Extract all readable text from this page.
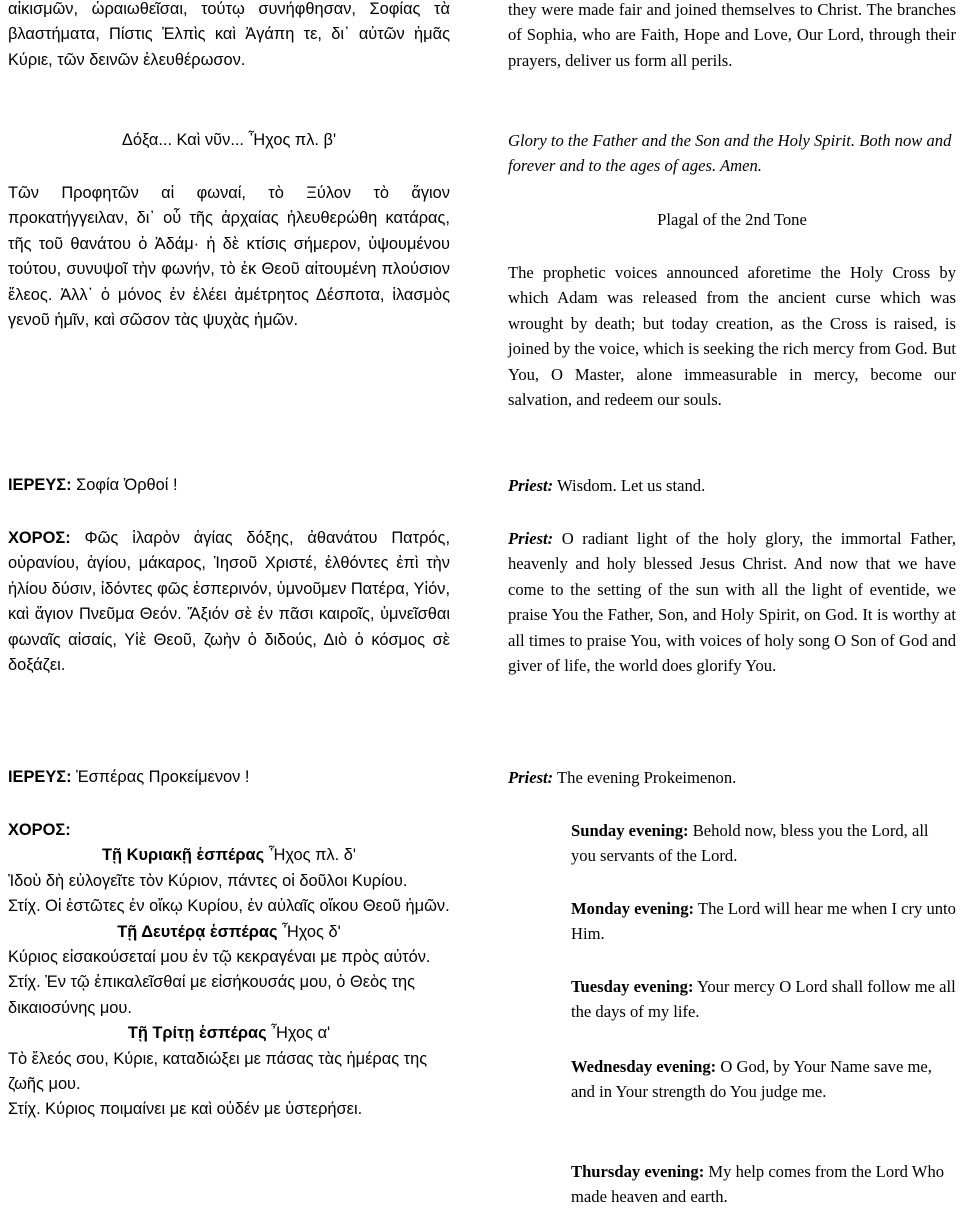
αἰκισμῶν, ὡραιωθεῖσαι, τούτῳ συνήφθησαν, Σοφίας τὰ βλαστήματα, Πίστις Ἐλπὶς καὶ Ἀγάπη τε, δι᾽ αὐτῶν ἡμᾶς Κύριε, τῶν δεινῶν ἐλευθέρωσον.
Δόξα... Καὶ νῦν... Ἦχος πλ. β'
Τῶν Προφητῶν αἱ φωναί, τὸ Ξύλον τὸ ἅγιον προκατήγγειλαν, δι᾽ οὗ τῆς ἀρχαίας ἠλευθερώθη κατάρας, τῆς τοῦ θανάτου ὁ Ἀδάμ· ἡ δὲ κτίσις σήμερον, ὑψουμένου τούτου, συνυψοῖ τὴν φωνήν, τὸ ἐκ Θεοῦ αἰτουμένη πλούσιον ἔλεος. Ἀλλ᾽ ὁ μόνος ἐν ἐλέει ἀμέτρητος Δέσποτα, ἱλασμὸς γενοῦ ἡμῖν, καὶ σῶσον τὰς ψυχὰς ἡμῶν.
ΙΕΡΕΥΣ: Σοφία Ὀρθοί !
ΧΟΡΟΣ: Φῶς ἱλαρὸν ἁγίας δόξης, ἀθανάτου Πατρός, οὐρανίου, ἁγίου, μάκαρος, Ἰησοῦ Χριστέ, ἐλθόντες ἐπὶ τὴν ἡλίου δύσιν, ἰδόντες φῶς ἑσπερινόν, ὑμνοῦμεν Πατέρα, Υἱόν, καὶ ἅγιον Πνεῦμα Θεόν. Ἄξιόν σὲ ἐν πᾶσι καιροῖς, ὑμνεῖσθαι φωναῖς αἰσαίς, Υἱὲ Θεοῦ, ζωὴν ὁ διδούς, Διὸ ὁ κόσμος σὲ δοξάζει.
ΙΕΡΕΥΣ: Ἑσπέρας Προκείμενον !
ΧΟΡΟΣ:

Τῇ Κυριακῇ ἑσπέρας Ἦχος πλ. δ'

Ἰδοὺ δὴ εὐλογεῖτε τὸν Κύριον, πάντες οἱ δοῦλοι Κυρίου.

Στίχ. Οἱ ἑστῶτες ἐν οἴκῳ Κυρίου, ἐν αὐλαῖς οἴκου Θεοῦ ἡμῶν.

Τῇ Δευτέρᾳ ἑσπέρας Ἦχος δ'

Κύριος εἰσακούσεταί μου ἐν τῷ κεκραγέναι με πρὸς αὐτόν.

Στίχ. Ἐν τῷ ἐπικαλεῖσθαί με εἰσήκουσάς μου, ὁ Θεὸς της δικαιοσύνης μου.

Τῇ Τρίτῃ ἑσπέρας Ἦχος α'

Τὸ ἔλεός σου, Κύριε, καταδιώξει με πάσας τὰς ἡμέρας της ζωῆς μου.

Στίχ. Κύριος ποιμαίνει με καὶ οὐδέν με ὑστερήσει.

they were made fair and joined themselves to Christ. The branches of Sophia, who are Faith, Hope and Love, Our Lord, through their prayers, deliver us form all perils.
Glory to the Father and the Son and the Holy Spirit. Both now and forever and to the ages of ages. Amen.
Plagal of the 2nd Tone
The prophetic voices announced aforetime the Holy Cross by which Adam was released from the ancient curse which was wrought by death; but today creation, as the Cross is raised, is joined by the voice, which is seeking the rich mercy from God. But You, O Master, alone immeasurable in mercy, become our salvation, and redeem our souls.
Priest: Wisdom. Let us stand.
Priest: O radiant light of the holy glory, the immortal Father, heavenly and holy blessed Jesus Christ. And now that we have come to the setting of the sun with all the light of eventide, we praise You the Father, Son, and Holy Spirit, on God. It is worthy at all times to praise You, with voices of holy song O Son of God and giver of life, the world does glorify You.
Priest: The evening Prokeimenon.
Sunday evening: Behold now, bless you the Lord, all you servants of the Lord.
Monday evening: The Lord will hear me when I cry unto Him.
Tuesday evening: Your mercy O Lord shall follow me all the days of my life.
Wednesday evening: O God, by Your Name save me, and in Your strength do You judge me.
Thursday evening: My help comes from the Lord Who made heaven and earth.
